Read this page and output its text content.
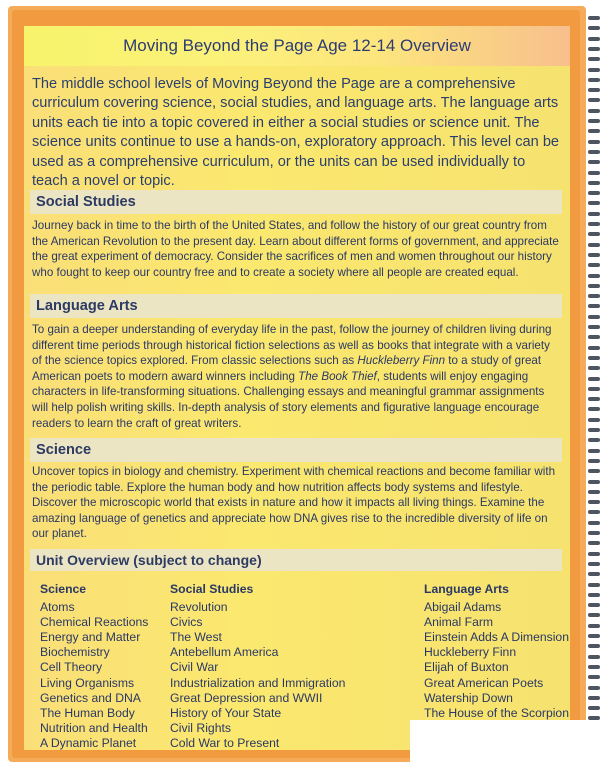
Moving Beyond the Page Age 12-14 Overview
The middle school levels of Moving Beyond the Page are a comprehensive curriculum covering science, social studies, and language arts. The language arts units each tie into a topic covered in either a social studies or science unit. The science units continue to use a hands-on, exploratory approach. This level can be used as a comprehensive curriculum, or the units can be used individually to teach a novel or topic.
Social Studies
Journey back in time to the birth of the United States, and follow the history of our great country from the American Revolution to the present day. Learn about different forms of government, and appreciate the great experiment of democracy. Consider the sacrifices of men and women throughout our history who fought to keep our country free and to create a society where all people are created equal.
Language Arts
To gain a deeper understanding of everyday life in the past, follow the journey of children living during different time periods through historical fiction selections as well as books that integrate with a variety of the science topics explored. From classic selections such as Huckleberry Finn to a study of great American poets to modern award winners including The Book Thief, students will enjoy engaging characters in life-transforming situations. Challenging essays and meaningful grammar assignments will help polish writing skills. In-depth analysis of story elements and figurative language encourage readers to learn the craft of great writers.
Science
Uncover topics in biology and chemistry. Experiment with chemical reactions and become familiar with the periodic table. Explore the human body and how nutrition affects body systems and lifestyle. Discover the microscopic world that exists in nature and how it impacts all living things. Examine the amazing language of genetics and appreciate how DNA gives rise to the incredible diversity of life on our planet.
Unit Overview (subject to change)
Science
Atoms
Chemical Reactions
Energy and Matter
Biochemistry
Cell Theory
Living Organisms
Genetics and DNA
The Human Body
Nutrition and Health
A Dynamic Planet
Social Studies
Revolution
Civics
The West
Antebellum America
Civil War
Industrialization and Immigration
Great Depression and WWII
History of Your State
Civil Rights
Cold War to Present
Language Arts
Abigail Adams
Animal Farm
Einstein Adds A Dimension
Huckleberry Finn
Elijah of Buxton
Great American Poets
Watership Down
The House of the Scorpion
